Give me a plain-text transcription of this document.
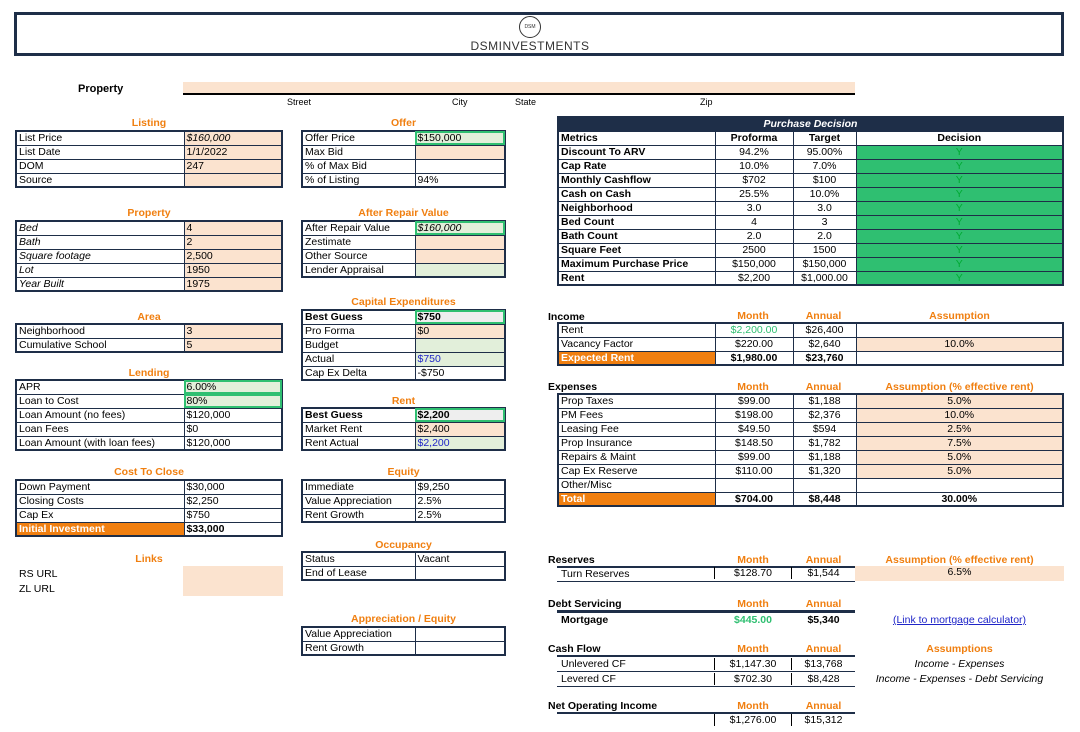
DSM
DSMINVESTMENTS
Property
Street	City	State	Zip
Listing
List Price	$160,000
List Date	1/1/2022
DOM	247
Source	
Offer
Offer Price	$150,000
Max Bid	
% of Max Bid	
% of Listing	94%
Property
Bed	4
Bath	2
Square footage	2,500
Lot	1950
Year Built	1975
After Repair Value
After Repair Value	$160,000
Zestimate	
Other Source	
Lender Appraisal	
Area
Neighborhood	3
Cumulative School	5
Capital Expenditures
Best Guess	$750
Pro Forma	$0
Budget	
Actual	$750
Cap Ex Delta	-$750
Lending
APR	6.00%
Loan to Cost	80%
Loan Amount (no fees)	$120,000
Loan Fees	$0
Loan Amount (with loan fees)	$120,000
Rent
Best Guess	$2,200
Market Rent	$2,400
Rent Actual	$2,200
Cost To Close
Down Payment	$30,000
Closing Costs	$2,250
Cap Ex	$750
Initial Investment	$33,000
Equity
Immediate	$9,250
Value Appreciation	2.5%
Rent Growth	2.5%
Links
RS URL
ZL URL
Occupancy
Status	Vacant
End of Lease	
Appreciation / Equity
Value Appreciation	
Rent Growth	
Purchase Decision			
Metrics	Proforma	Target	Decision
Discount To ARV	94.2%	95.00%	Y
Cap Rate	10.0%	7.0%	Y
Monthly Cashflow	$702	$100	Y
Cash on Cash	25.5%	10.0%	Y
Neighborhood	3.0	3.0	Y
Bed Count	4	3	Y
Bath Count	2.0	2.0	Y
Square Feet	2500	1500	Y
Maximum Purchase Price	$150,000	$150,000	Y
Rent	$2,200	$1,000.00	Y
Income	Month	Annual	Assumption
Rent	$2,200.00	$26,400	
Vacancy Factor	$220.00	$2,640	10.0%
Expected Rent	$1,980.00	$23,760	
Expenses	Month	Annual	Assumption (% effective rent)
Prop Taxes	$99.00	$1,188	5.0%
PM Fees	$198.00	$2,376	10.0%
Leasing Fee	$49.50	$594	2.5%
Prop Insurance	$148.50	$1,782	7.5%
Repairs & Maint	$99.00	$1,188	5.0%
Cap Ex Reserve	$110.00	$1,320	5.0%
Other/Misc			
Total	$704.00	$8,448	30.00%
Reserves	Month	Annual	Assumption (% effective rent)
Turn Reserves	$128.70	$1,544	6.5%
Debt Servicing	Month	Annual
Mortgage	$445.00	$5,340	(Link to mortgage calculator)
Cash Flow	Month	Annual	Assumptions
Unlevered CF	$1,147.30	$13,768	Income - Expenses
Levered CF	$702.30	$8,428	Income - Expenses - Debt Servicing
Net Operating Income	Month	Annual
$1,276.00	$15,312
